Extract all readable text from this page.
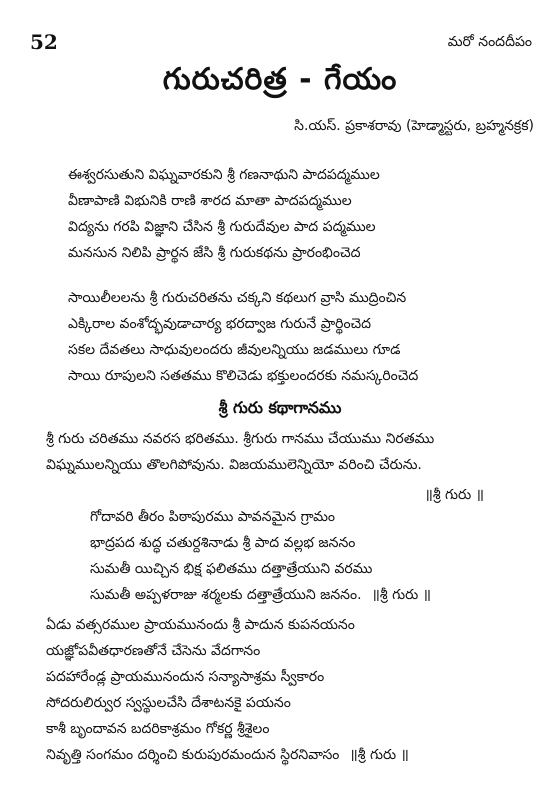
52	మరో నందదీపం
గురుచరిత్ర - గేయం
సి.యస్. ప్రకాశరావు (హెడ్మాస్టరు, బ్రహ్మనక్రక)
ఈశ్వరసుతుని విఘ్నవారకుని శ్రీ గణనాథుని పాదపద్మముల
వీణాపాణి విభునికి రాణి శారద మాతా పాదపద్మముల
విద్యను గరపి విజ్ఞాని చేసిన శ్రీ గురుదేవుల పాద పద్మముల
మనసున నిలిపి ప్రార్థన జేసి శ్రీ గురుకథను ప్రారంభించెద
సాయిలీలలను శ్రీ గురుచరితను చక్కని కథలుగ వ్రాసి ముద్రించిన
ఎక్కిరాల వంశోద్భవుడాచార్య భరద్వాజ గురునే ప్రార్థించెద
సకల దేవతలు సాధువులందరు జీవులన్నియు జడములు గూడ
సాయి రూపులని సతతము కొలిచెడు భక్తులందరకు నమస్కరించెద
శ్రీ గురు కథాగానము
శ్రీ గురు చరితము నవరస భరితము. శ్రీగురు గానము చేయుము నిరతము
విఘ్నములన్నియు తొలగిపోవును. విజయములెన్నియో వరించి చేరును.
॥శ్రీ గురు ॥
గోదావరి తీరం పిఠాపురము పావనమైన గ్రామం
భాద్రపద శుద్ధ చతుర్దశినాడు శ్రీ పాద వల్లభ జననం
సుమతీ యిచ్చిన భిక్ష ఫలితము దత్తాత్రేయుని వరము
సుమతీ అప్పళరాజు శర్మలకు దత్తాత్రేయుని జననం. ॥శ్రీ గురు ॥
ఏడు వత్సరముల ప్రాయమునందు శ్రీ పాదున కుపనయనం
యజ్ఞోపవీతధారణతోనే చేసెను వేదగానం
పదహారేండ్ల ప్రాయమునందున సన్యాసాశ్రమ స్వీకారం
సోదరులిర్వుర స్వస్థులచేసి దేశాటనకై పయనం
కాశీ బృందావన బదరికాశ్రమం గోకర్ణ శ్రీశైలం
నివృత్తి సంగమం దర్శించి కురుపురమందున స్థిరనివాసం ॥శ్రీ గురు ॥
